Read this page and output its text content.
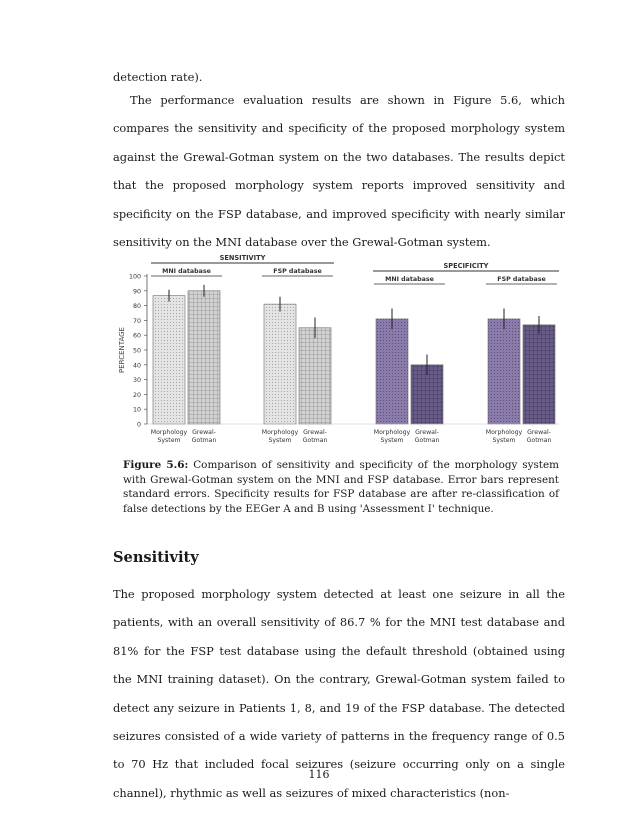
detection rate).

The performance evaluation results are shown in Figure 5.6, which compares the sensitivity and specificity of the proposed morphology system against the Grewal-Gotman system on the two databases. The results depict that the proposed morphology system reports improved sensitivity and specificity on the FSP database, and improved specificity with nearly similar sensitivity on the MNI database over the Grewal-Gotman system.

0
10
20
30
40
50
60
70
80
90
100
PERCENTAGE
Morphology
System
Grewal-
Gotman
Morphology
System
Grewal-
Gotman
Morphology
System
Grewal-
Gotman
Morphology
System
Grewal-
Gotman
MNI database	FSP database
MNI database	FSP database
SENSITIVITY
SPECIFICITY
Figure 5.6: Comparison of sensitivity and specificity of the morphology system with Grewal-Gotman system on the MNI and FSP database. Error bars represent standard errors. Specificity results for FSP database are after re-classification of false detections by the EEGer A and B using 'Assessment I' technique.
Sensitivity

The proposed morphology system detected at least one seizure in all the patients, with an overall sensitivity of 86.7 % for the MNI test database and 81% for the FSP test database using the default threshold (obtained using the MNI training dataset). On the contrary, Grewal-Gotman system failed to detect any seizure in Patients 1, 8, and 19 of the FSP database. The detected seizures consisted of a wide variety of patterns in the frequency range of 0.5 to 70 Hz that included focal seizures (seizure occurring only on a single channel), rhythmic as well as seizures of mixed characteristics (non-

116
